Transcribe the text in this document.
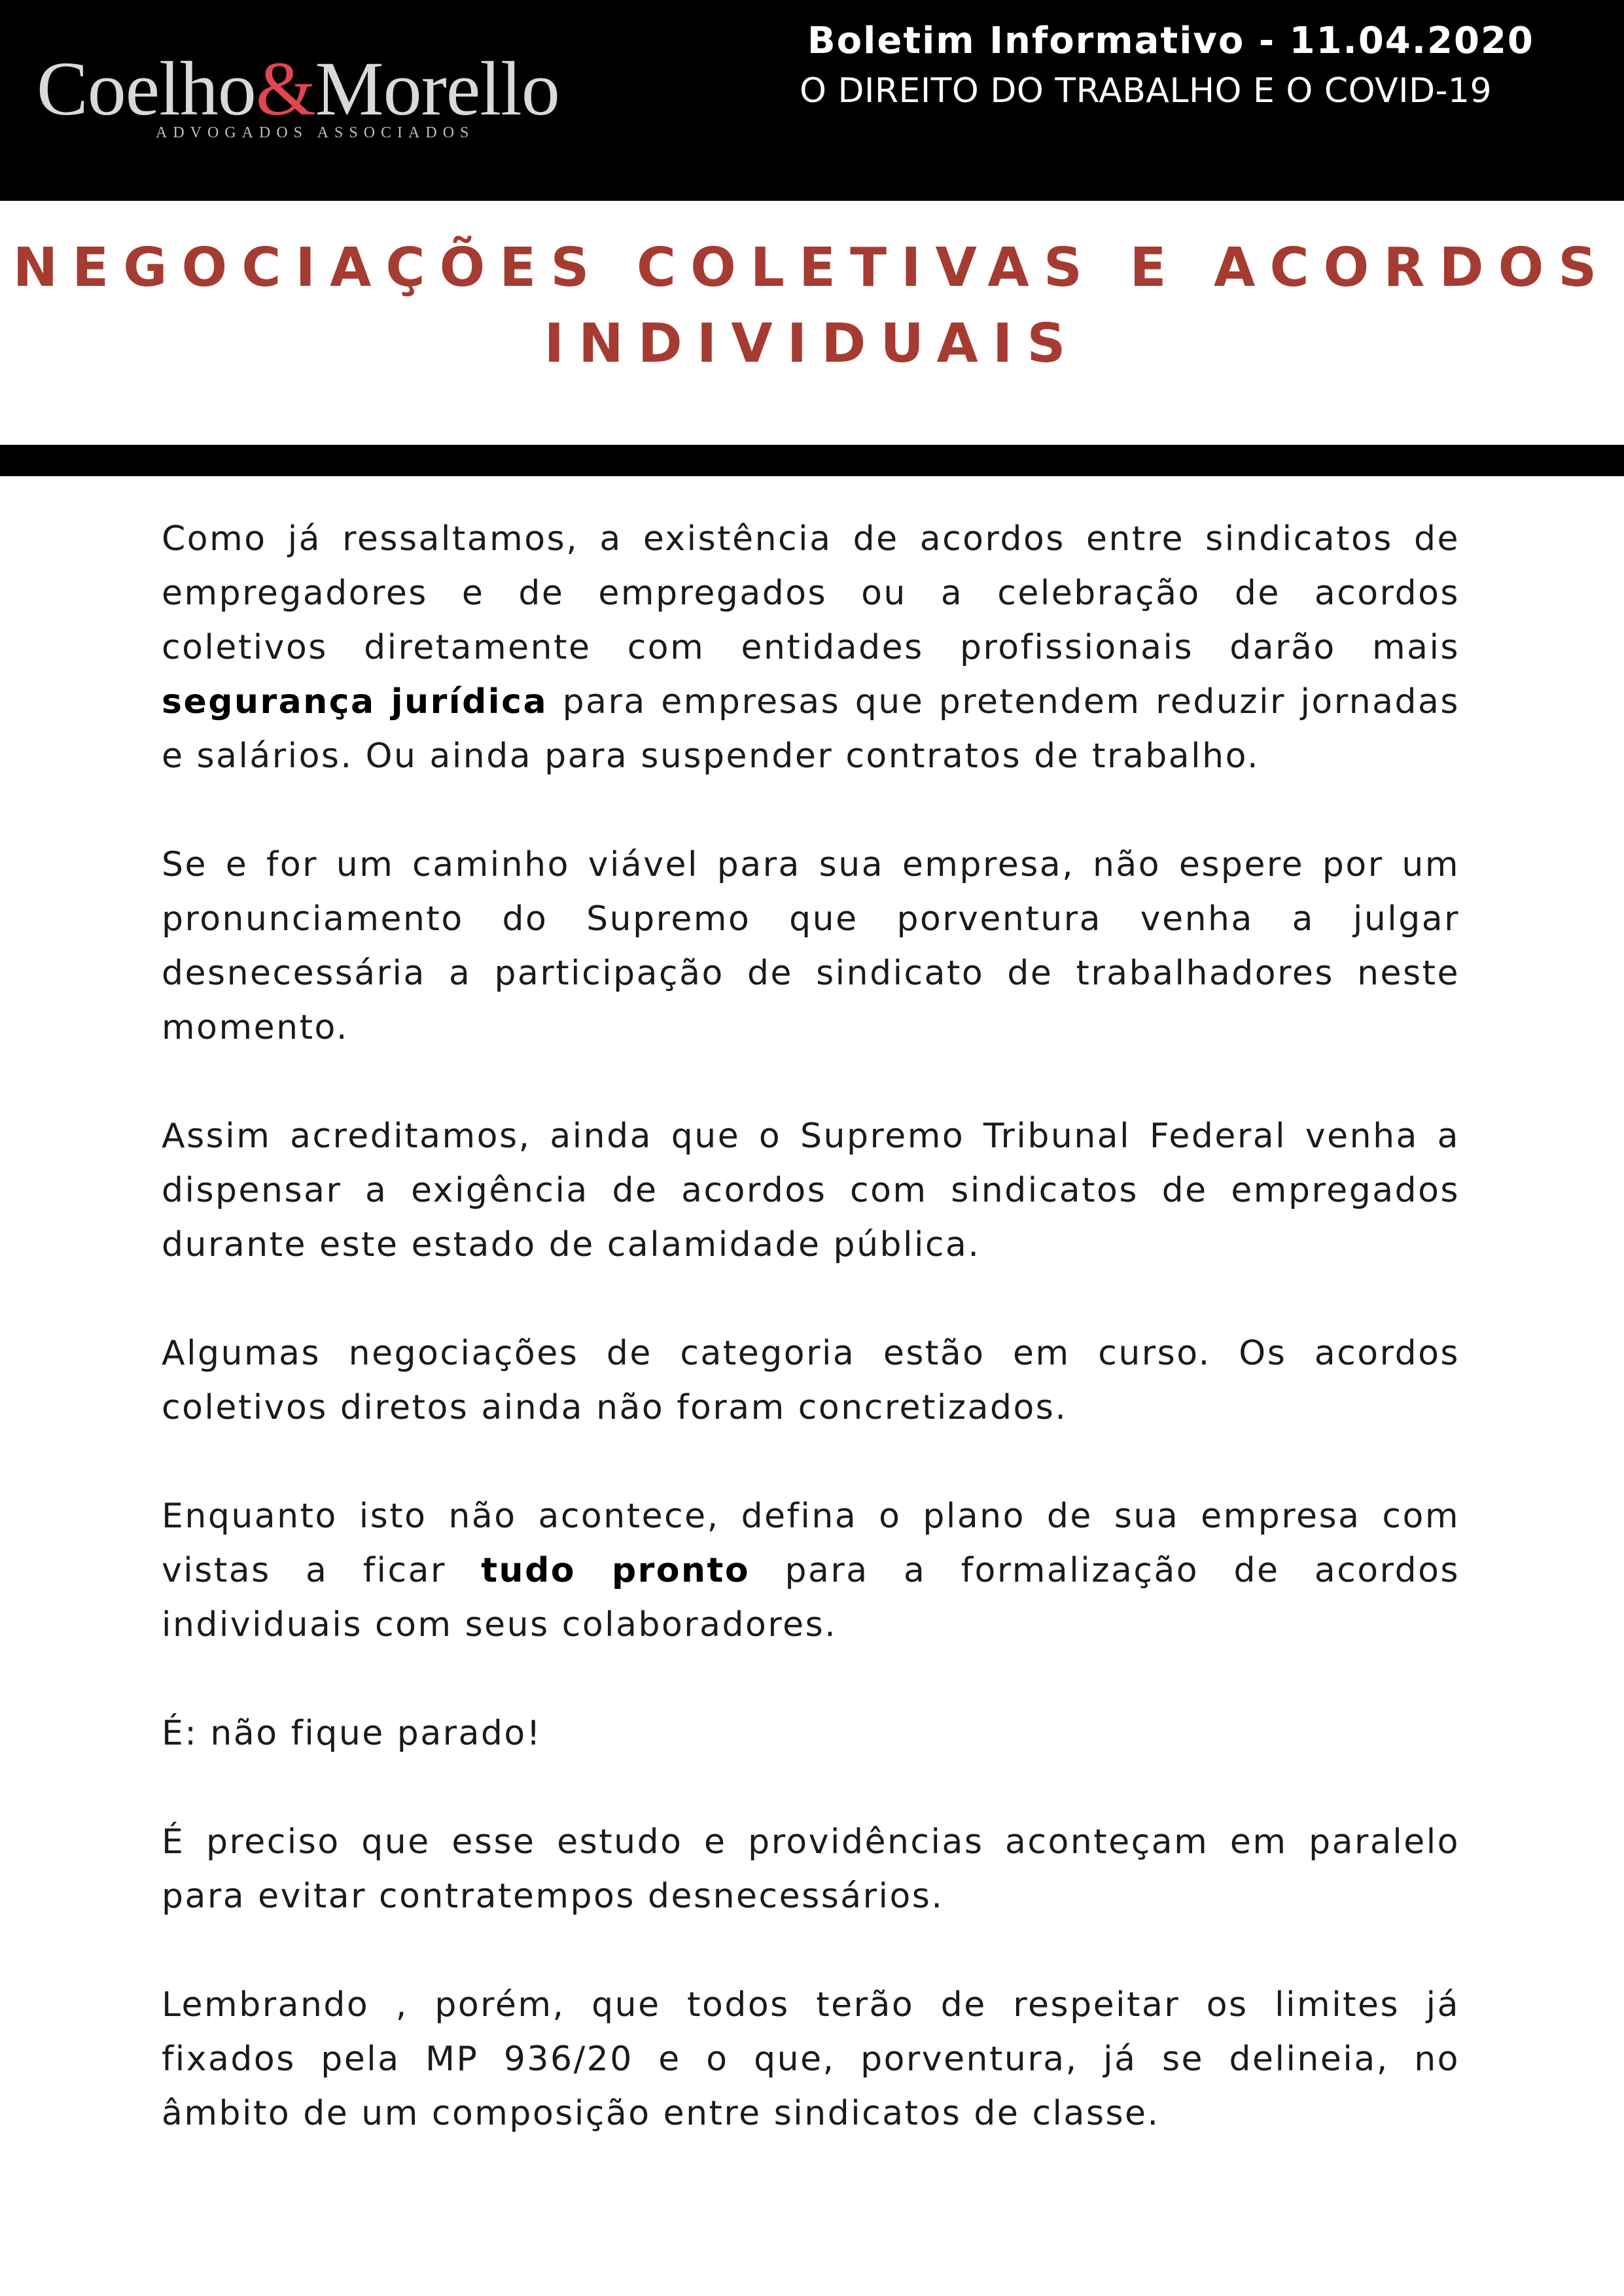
Coelho&Morello
ADVOGADOS ASSOCIADOS
Boletim Informativo - 11.04.2020
O DIREITO DO TRABALHO E O COVID-19
NEGOCIAÇÕES COLETIVAS E ACORDOS
INDIVIDUAIS

Como já ressaltamos, a existência de acordos entre sindicatos de empregadores e de empregados ou a celebração de acordos coletivos diretamente com entidades profissionais darão mais segurança jurídica para empresas que pretendem reduzir jornadas e salários. Ou ainda para suspender contratos de trabalho.

Se e for um caminho viável para sua empresa, não espere por um pronunciamento do Supremo que porventura venha a julgar desnecessária a participação de sindicato de trabalhadores neste momento.

Assim acreditamos, ainda que o Supremo Tribunal Federal venha a dispensar a exigência de acordos com sindicatos de empregados durante este estado de calamidade pública.

Algumas negociações de categoria estão em curso. Os acordos coletivos diretos ainda não foram concretizados.

Enquanto isto não acontece, defina o plano de sua empresa com vistas a ficar tudo pronto para a formalização de acordos individuais com seus colaboradores.

É: não fique parado!

É preciso que esse estudo e providências aconteçam em paralelo para evitar contratempos desnecessários.

Lembrando , porém, que todos terão de respeitar os limites já fixados pela MP 936/20 e o que, porventura, já se delineia, no âmbito de um composição entre sindicatos de classe.
